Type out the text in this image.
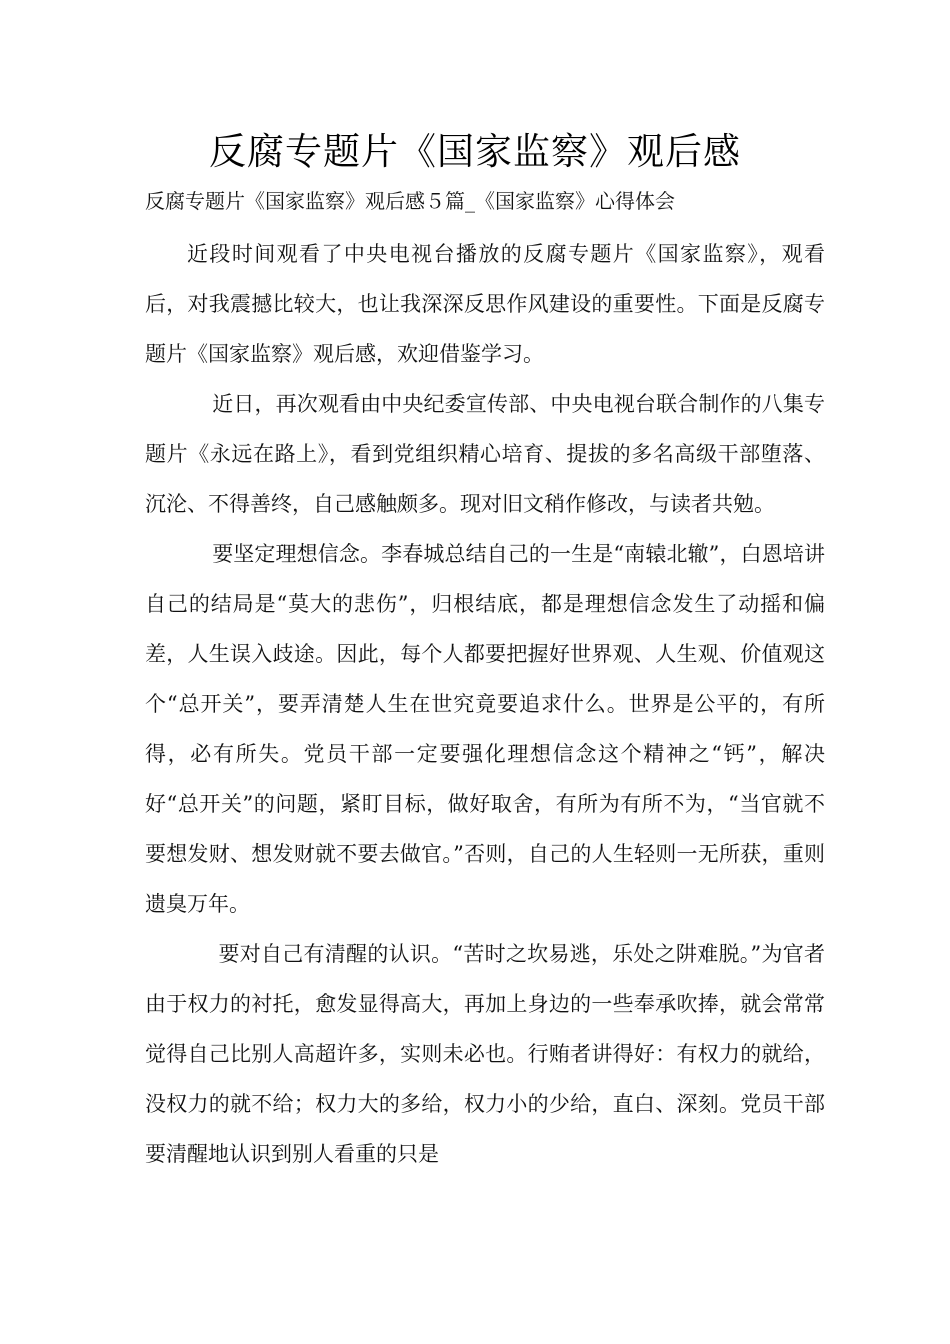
反腐专题片《国家监察》观后感

反腐专题片《国家监察》观后感５篇_《国家监察》心得体会

近段时间观看了中央电视台播放的反腐专题片《国家监察》，观看后，对我震撼比较大，也让我深深反思作风建设的重要性。下面是反腐专题片《国家监察》观后感，欢迎借鉴学习。

近日，再次观看由中央纪委宣传部、中央电视台联合制作的八集专题片《永远在路上》，看到党组织精心培育、提拔的多名高级干部堕落、沉沦、不得善终，自己感触颇多。现对旧文稍作修改，与读者共勉。

要坚定理想信念。李春城总结自己的一生是“南辕北辙”，白恩培讲自己的结局是“莫大的悲伤”，归根结底，都是理想信念发生了动摇和偏差，人生误入歧途。因此，每个人都要把握好世界观、人生观、价值观这个“总开关”，要弄清楚人生在世究竟要追求什么。世界是公平的，有所得，必有所失。党员干部一定要强化理想信念这个精神之“钙”，解决好“总开关”的问题，紧盯目标，做好取舍，有所为有所不为，“当官就不要想发财、想发财就不要去做官。”否则，自己的人生轻则一无所获，重则遗臭万年。

要对自己有清醒的认识。“苦时之坎易逃，乐处之阱难脱。”为官者由于权力的衬托，愈发显得高大，再加上身边的一些奉承吹捧，就会常常觉得自己比别人高超许多，实则未必也。行贿者讲得好：有权力的就给，没权力的就不给；权力大的多给，权力小的少给，直白、深刻。党员干部要清醒地认识到别人看重的只是
